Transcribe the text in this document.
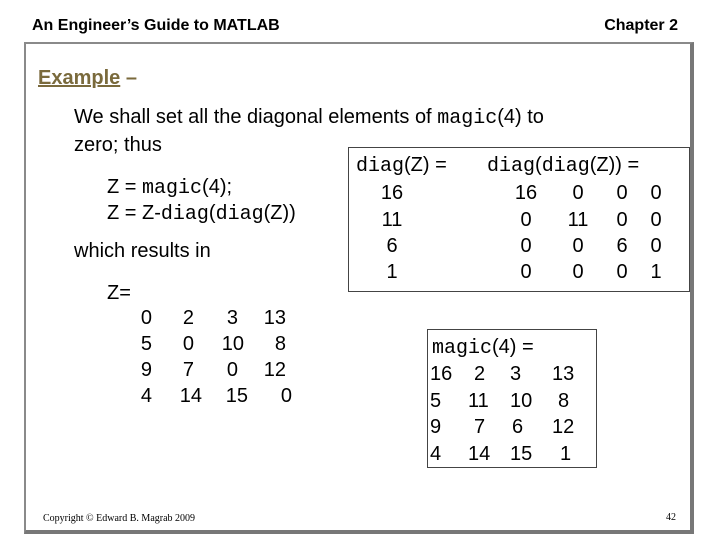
An Engineer’s Guide to MATLAB	Chapter 2
Example –
We shall set all the diagonal elements of magic(4) to
zero; thus
Z = magic(4);
Z = Z-diag(diag(Z))
which results in
Z=
0	2	3 13
5	0	10	8
9	7	0 12
4	14	15	0
diag(Z) =
16
11
6
1
diag(diag(Z)) =
16	0	0	0
0	11	0	0
0	0	6	0
0	0	0	1
magic(4) =
16 2	3	13
5	11	10 8
9	7	6	12
4	14 15	1
Copyright © Edward B. Magrab 2009	42
